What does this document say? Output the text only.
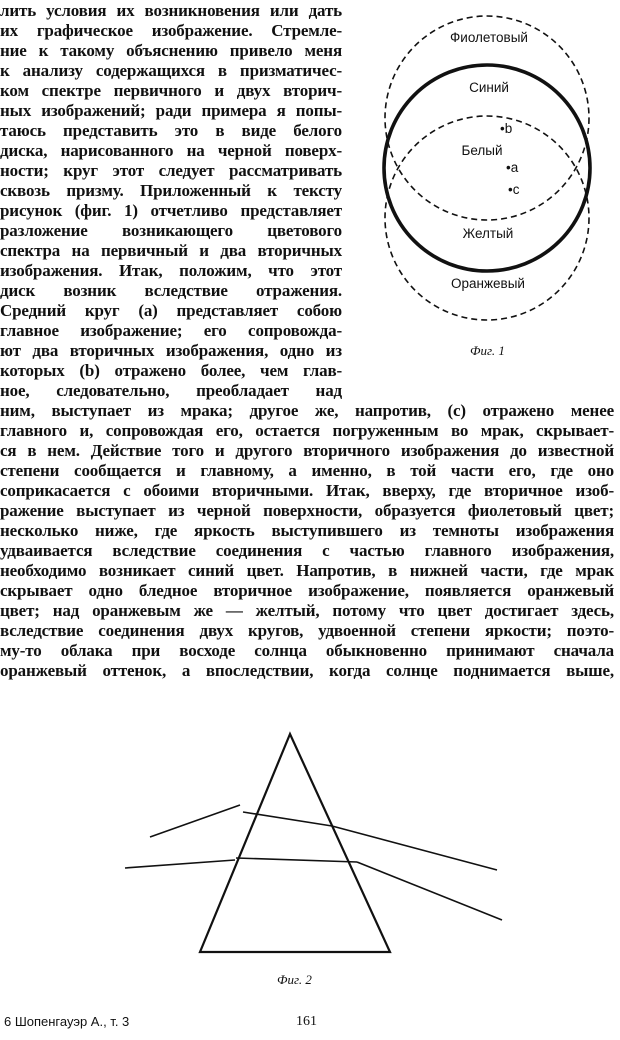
лить условия их возникновения или дать
их графическое изображение. Стремле-
ние к такому объяснению привело меня
к анализу содержащихся в призматичес-
ком спектре первичного и двух вторич-
ных изображений; ради примера я попы-
таюсь представить это в виде белого
диска, нарисованного на черной поверх-
ности; круг этот следует рассматривать
сквозь призму. Приложенный к тексту
рисунок (фиг. 1) отчетливо представляет
разложение возникающего цветового
спектра на первичный и два вторичных
изображения. Итак, положим, что этот
диск возник вследствие отражения.
Средний круг (a) представляет собою
главное изображение; его сопровожда-
ют два вторичных изображения, одно из
которых (b) отражено более, чем глав-
ное, следовательно, преобладает над
ним, выступает из мрака; другое же, напротив, (c) отражено менее
главного и, сопровождая его, остается погруженным во мрак, скрывает-
ся в нем. Действие того и другого вторичного изображения до известной
степени сообщается и главному, а именно, в той части его, где оно
соприкасается с обоими вторичными. Итак, вверху, где вторичное изоб-
ражение выступает из черной поверхности, образуется фиолетовый цвет;
несколько ниже, где яркость выступившего из темноты изображения
удваивается вследствие соединения с частью главного изображения,
необходимо возникает синий цвет. Напротив, в нижней части, где мрак
скрывает одно бледное вторичное изображение, появляется оранжевый
цвет; над оранжевым же — желтый, потому что цвет достигает здесь,
вследствие соединения двух кругов, удвоенной степени яркости; поэто-
му-то облака при восходе солнца обыкновенно принимают сначала
оранжевый оттенок, а впоследствии, когда солнце поднимается выше,
Фиолетовый
Синий
•b
Белый
•a
•c
Желтый
Оранжевый
Фиг. 1
Фиг. 2
6 Шопенгауэр А., т. 3	161
